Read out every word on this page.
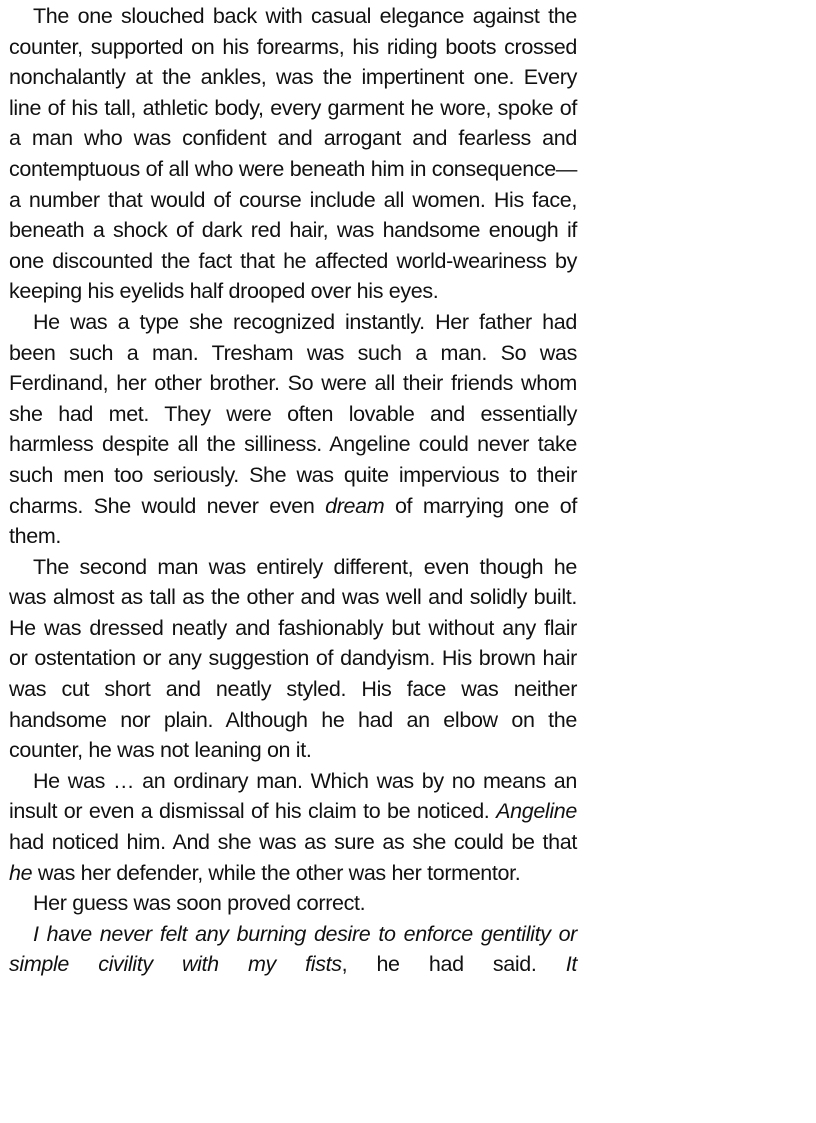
The one slouched back with casual elegance against the counter, supported on his forearms, his riding boots crossed nonchalantly at the ankles, was the impertinent one. Every line of his tall, athletic body, every garment he wore, spoke of a man who was confident and arrogant and fearless and contemptuous of all who were beneath him in consequence—a number that would of course include all women. His face, beneath a shock of dark red hair, was handsome enough if one discounted the fact that he affected world-weariness by keeping his eyelids half drooped over his eyes.

He was a type she recognized instantly. Her father had been such a man. Tresham was such a man. So was Ferdinand, her other brother. So were all their friends whom she had met. They were often lovable and essentially harmless despite all the silliness. Angeline could never take such men too seriously. She was quite impervious to their charms. She would never even dream of marrying one of them.

The second man was entirely different, even though he was almost as tall as the other and was well and solidly built. He was dressed neatly and fashionably but without any flair or ostentation or any suggestion of dandyism. His brown hair was cut short and neatly styled. His face was neither handsome nor plain. Although he had an elbow on the counter, he was not leaning on it.

He was … an ordinary man. Which was by no means an insult or even a dismissal of his claim to be noticed. Angeline had noticed him. And she was as sure as she could be that he was her defender, while the other was her tormentor.

Her guess was soon proved correct.

I have never felt any burning desire to enforce gentility or simple civility with my fists, he had said. It
